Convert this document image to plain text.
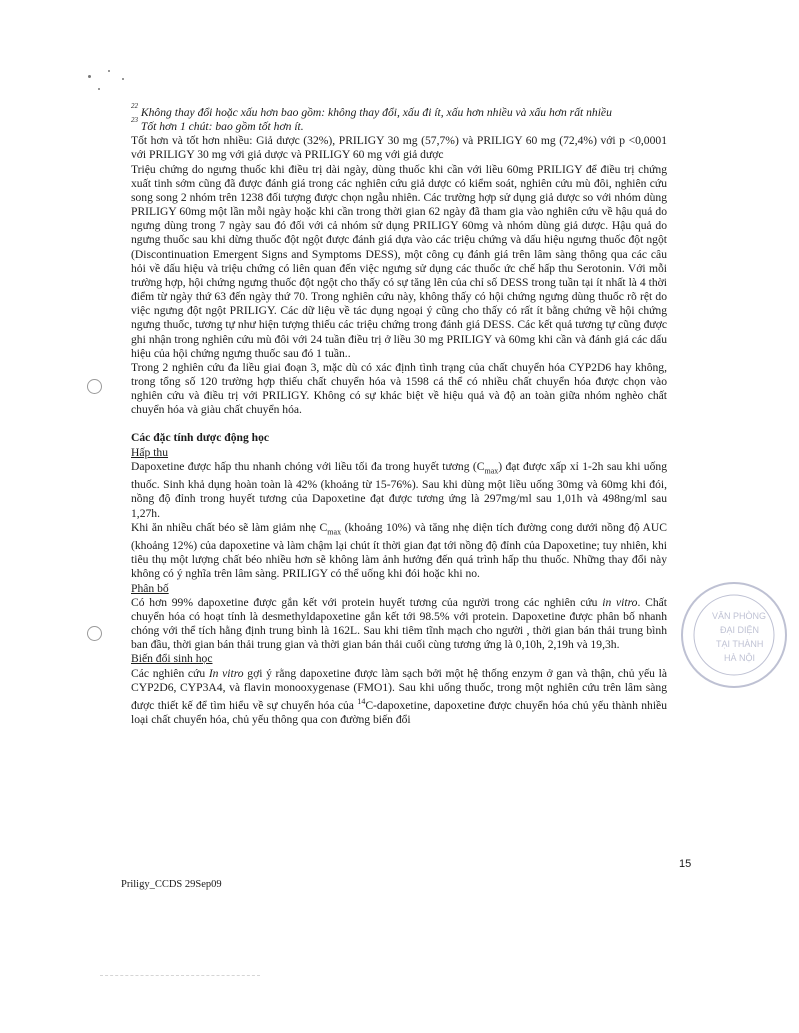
$^{22}$ Không thay đổi hoặc xấu hơn bao gồm: không thay đổi, xấu đi ít, xấu hơn nhiều và xấu hơn rất nhiều

$^{23}$ Tốt hơn 1 chút: bao gồm tốt hơn ít.

Tốt hơn và tốt hơn nhiều: Giả dược (32%), PRILIGY 30 mg (57,7%) và PRILIGY 60 mg (72,4%) với p <0,0001 với PRILIGY 30 mg với giả dược và PRILIGY 60 mg với giả dược

Triệu chứng do ngưng thuốc khi điều trị dài ngày, dùng thuốc khi cần với liều 60mg PRILIGY để điều trị chứng xuất tinh sớm cũng đã được đánh giá trong các nghiên cứu giả dược có kiểm soát, nghiên cứu mù đôi, nghiên cứu song song 2 nhóm trên 1238 đối tượng được chọn ngẫu nhiên. Các trường hợp sử dụng giả dược so với nhóm dùng PRILIGY 60mg một lần mỗi ngày hoặc khi cần trong thời gian 62 ngày đã tham gia vào nghiên cứu về hậu quả do ngưng dùng trong 7 ngày sau đó đối với cả nhóm sử dụng PRILIGY 60mg và nhóm dùng giả dược. Hậu quả do ngưng thuốc sau khi dừng thuốc đột ngột được đánh giá dựa vào các triệu chứng và dấu hiệu ngưng thuốc đột ngột (Discontinuation Emergent Signs and Symptoms DESS), một công cụ đánh giá trên lâm sàng thông qua các câu hỏi về dấu hiệu và triệu chứng có liên quan đến việc ngưng sử dụng các thuốc ức chế hấp thu Serotonin. Với mỗi trường hợp, hội chứng ngưng thuốc đột ngột cho thấy có sự tăng lên của chỉ số DESS trong tuần tại ít nhất là 4 thời điểm từ ngày thứ 63 đến ngày thứ 70. Trong nghiên cứu này, không thấy có hội chứng ngưng dùng thuốc rõ rệt do việc ngưng đột ngột PRILIGY. Các dữ liệu về tác dụng ngoại ý cũng cho thấy có rất ít bằng chứng về hội chứng ngưng thuốc, tương tự như hiện tượng thiếu các triệu chứng trong đánh giá DESS. Các kết quả tương tự cũng được ghi nhận trong nghiên cứu mù đôi với 24 tuần điều trị ở liều 30 mg PRILIGY và 60mg khi cần và đánh giá các dấu hiệu của hội chứng ngưng thuốc sau đó 1 tuần..

Trong 2 nghiên cứu đa liều giai đoạn 3, mặc dù có xác định tình trạng của chất chuyển hóa CYP2D6 hay không, trong tổng số 120 trường hợp thiếu chất chuyển hóa và 1598 cá thể có nhiều chất chuyển hóa được chọn vào nghiên cứu và điều trị với PRILIGY. Không có sự khác biệt về hiệu quả và độ an toàn giữa nhóm nghèo chất chuyển hóa và giàu chất chuyển hóa.

Các đặc tính dược động học

Hấp thu

Dapoxetine được hấp thu nhanh chóng với liều tối đa trong huyết tương $(C_{max})$ đạt được xấp xỉ 1-2h sau khi uống thuốc. Sinh khả dụng hoàn toàn là 42% (khoảng từ 15-76%). Sau khi dùng một liều uống 30mg và 60mg khi đói, nồng độ đỉnh trong huyết tương của Dapoxetine đạt được tương ứng là 297mg/ml sau 1,01h và 498ng/ml sau 1,27h.

Khi ăn nhiều chất béo sẽ làm giảm nhẹ $C_{max}$ (khoảng 10%) và tăng nhẹ diện tích đường cong dưới nồng độ AUC (khoảng 12%) của dapoxetine và làm chậm lại chút ít thời gian đạt tới nồng độ đỉnh của Dapoxetine; tuy nhiên, khi tiêu thụ một lượng chất béo nhiều hơn sẽ không làm ảnh hưởng đến quá trình hấp thu thuốc. Những thay đổi này không có ý nghĩa trên lâm sàng. PRILIGY có thể uống khi đói hoặc khi no.

Phân bố

Có hơn 99% dapoxetine được gắn kết với protein huyết tương của người trong các nghiên cứu in vitro. Chất chuyển hóa có hoạt tính là desmethyldapoxetine gắn kết tới 98.5% với protein. Dapoxetine được phân bố nhanh chóng với thể tích hằng định trung bình là 162L. Sau khi tiêm tĩnh mạch cho người , thời gian bán thải trung bình ban đầu, thời gian bán thải trung gian và thời gian bán thải cuối cùng tương ứng là 0,10h, 2,19h và 19,3h.

Biến đổi sinh học

Các nghiên cứu In vitro gợi ý rằng dapoxetine được làm sạch bởi một hệ thống enzym ở gan và thận, chủ yếu là CYP2D6, CYP3A4, và flavin monooxygenase (FMO1). Sau khi uống thuốc, trong một nghiên cứu trên lâm sàng được thiết kế để tìm hiểu về sự chuyển hóa của $^{14}$C-dapoxetine, dapoxetine được chuyển hóa chủ yếu thành nhiều loại chất chuyển hóa, chủ yếu thông qua con đường biến đổi

VĂN PHÒNG
ĐẠI DIỆN
TẠI THÀNH
HÀ NỘI
15
Priligy_CCDS 29Sep09
